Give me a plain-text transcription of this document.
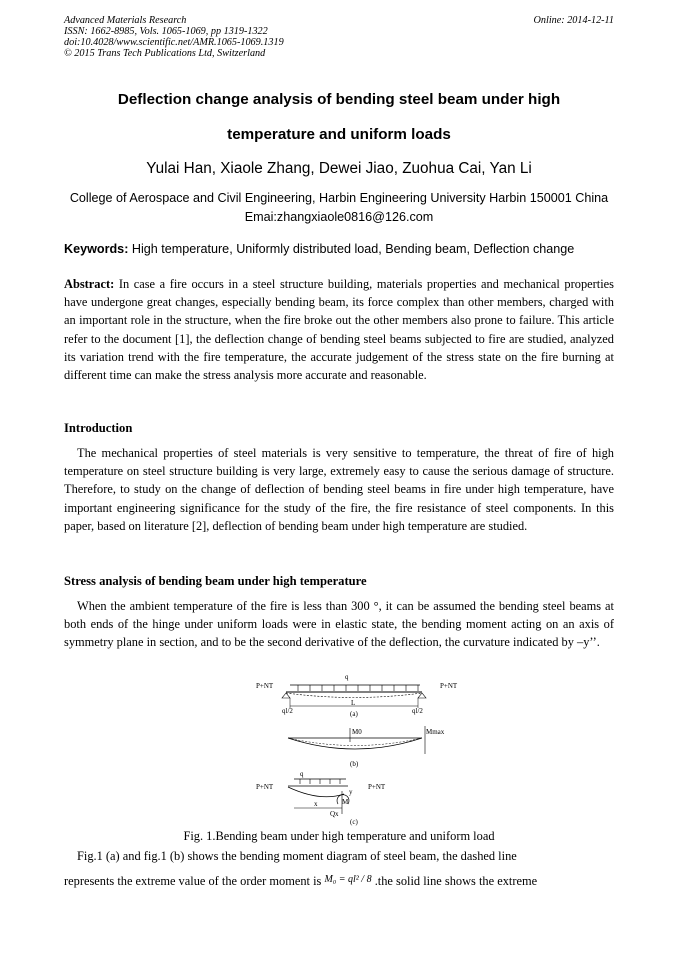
Advanced Materials Research
ISSN: 1662-8985, Vols. 1065-1069, pp 1319-1322
doi:10.4028/www.scientific.net/AMR.1065-1069.1319
© 2015 Trans Tech Publications Ltd, Switzerland
Online: 2014-12-11
Deflection change analysis of bending steel beam under high
temperature and uniform loads
Yulai Han, Xiaole Zhang, Dewei Jiao, Zuohua Cai, Yan Li
College of Aerospace and Civil Engineering, Harbin Engineering University Harbin 150001 China
Emai:zhangxiaole0816@126.com
Keywords: High temperature, Uniformly distributed load, Bending beam, Deflection change
Abstract: In case a fire occurs in a steel structure building, materials properties and mechanical properties have undergone great changes, especially bending beam, its force complex than other members, charged with an important role in the structure, when the fire broke out the other members also prone to failure. This article refer to the document [1], the deflection change of bending steel beams subjected to fire are studied, analyzed its variation trend with the fire temperature, the accurate judgement of the stress state on the fire burning at different time can make the stress analysis more accurate and reasonable.
Introduction
The mechanical properties of steel materials is very sensitive to temperature, the threat of fire of high temperature on steel structure building is very large, extremely easy to cause the serious damage of structure. Therefore, to study on the change of deflection of bending steel beams in fire under high temperature, have important engineering significance for the study of the fire, the fire resistance of steel components. In this paper, based on literature [2], deflection of bending beam under high temperature are studied.
Stress analysis of bending beam under high temperature
When the ambient temperature of the fire is less than 300 °, it can be assumed the bending steel beams at both ends of the hinge under uniform loads were in elastic state, the bending moment acting on an axis of symmetry plane in section, and to be the second derivative of the deflection, the curvature indicated by –y’’.
P+NT	P+NT
q
ql/2	ql/2
L
(a)
M0	Mmax
(b)
P+NT	P+NT
q
x
y
M
Qx
(c)
Fig. 1.Bending beam under high temperature and uniform load
Fig.1 (a) and fig.1 (b) shows the bending moment diagram of steel beam, the dashed line
represents the extreme value of the order moment is $^{M_0 = ql^2 / 8}$ .the solid line shows the extreme
